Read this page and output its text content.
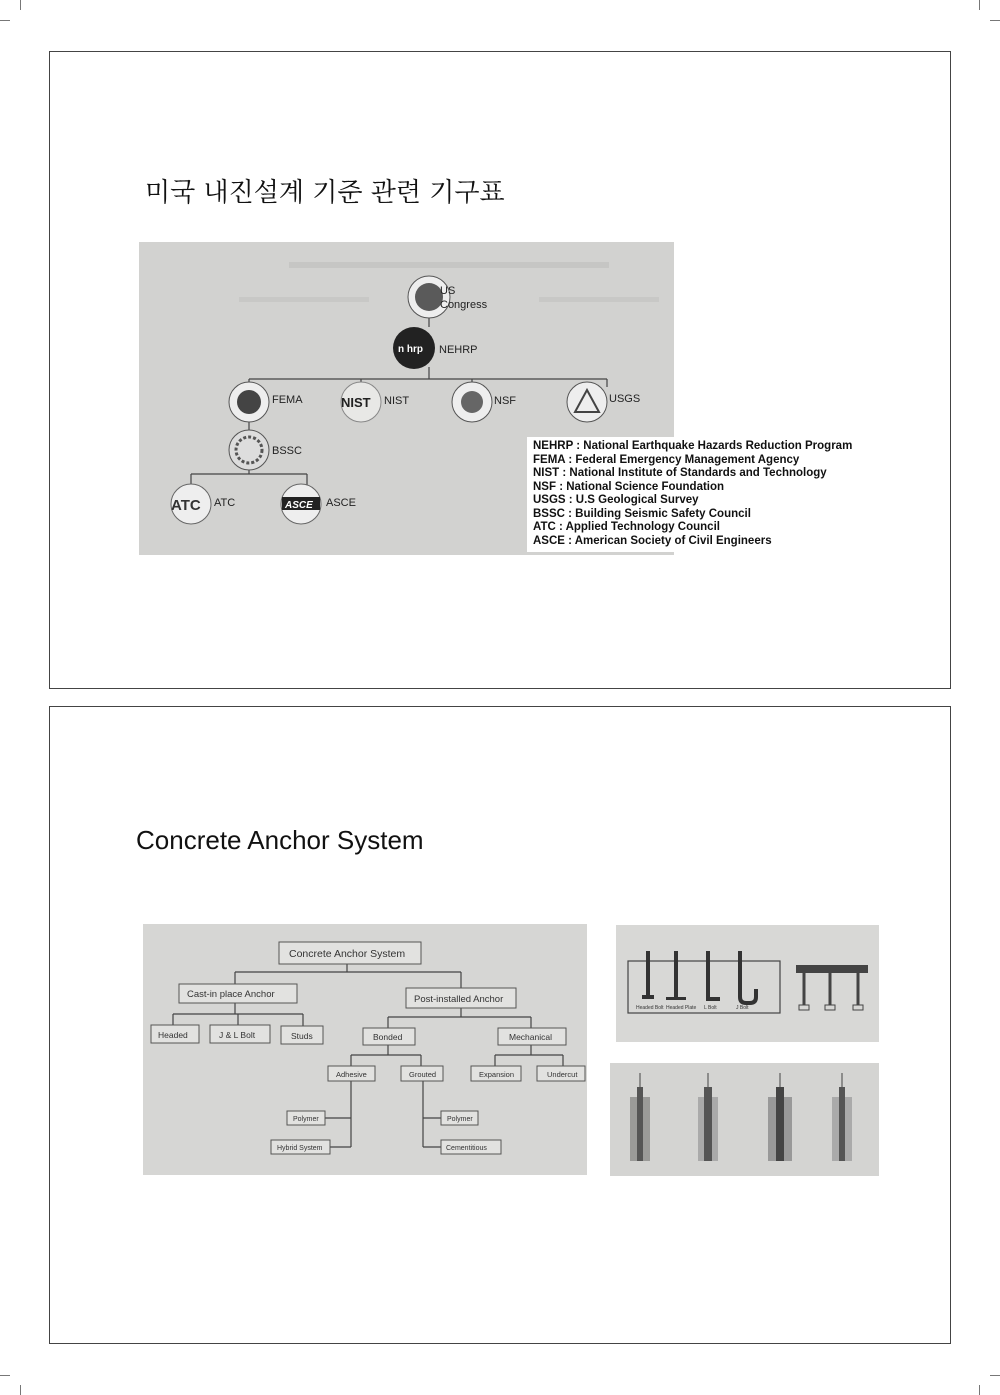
미국 내진설계 기준 관련 기구표
US
Congress
n hrp NEHRP
FEMA	NIST NIST	NSF	USGS
BSSC
ATC ATC	ASCE ASCE
NEHRP : National Earthquake Hazards Reduction Program
FEMA : Federal Emergency Management Agency
NIST : National Institute of Standards and Technology
NSF : National Science Foundation
USGS : U.S Geological Survey
BSSC : Building Seismic Safety Council
ATC : Applied Technology Council
ASCE : American Society of Civil Engineers
Concrete Anchor System
Concrete Anchor System
Cast-in place Anchor	Post-installed Anchor
Headed	J & L Bolt	Studs	Bonded	Mechanical
Adhesive	Grouted	Expansion	Undercut
Polymer
Hybrid System
Polymer
Cementitious
Headed Bolt Headed Plate L Bolt	J Bolt
